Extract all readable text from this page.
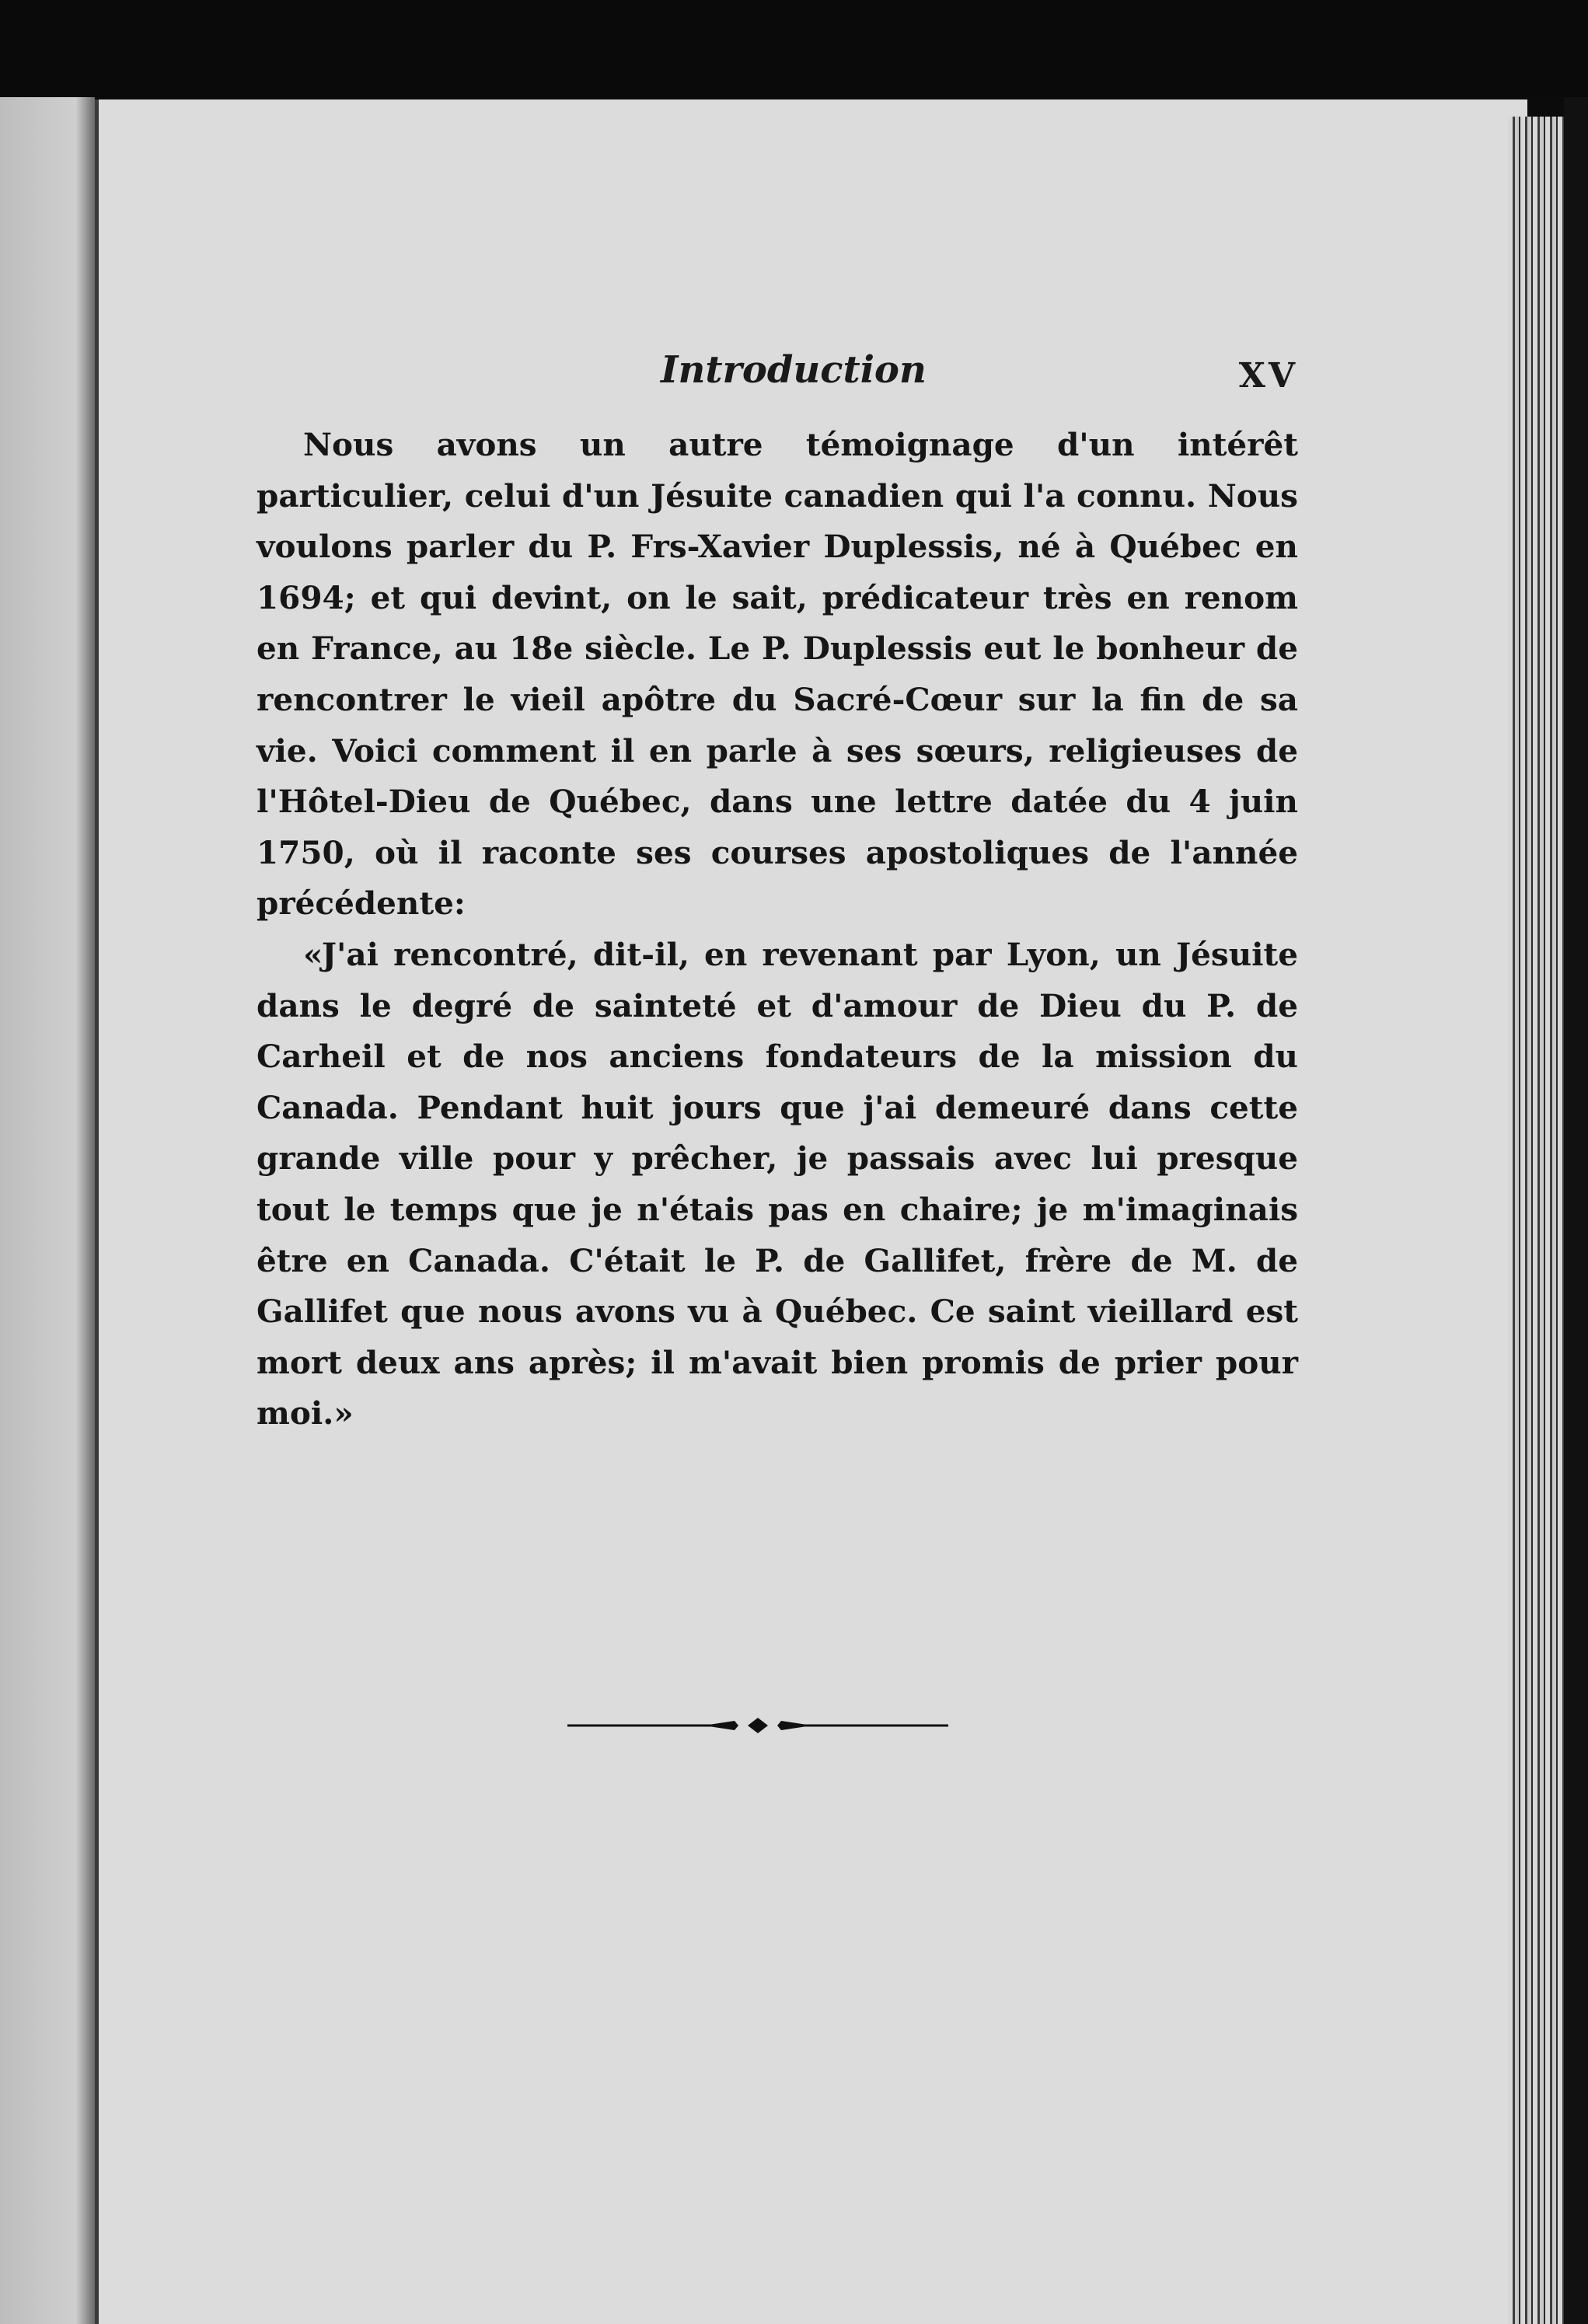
Introduction	XV

Nous avons un autre témoignage d'un intérêt particulier, celui d'un Jésuite canadien qui l'a connu. Nous voulons parler du P. Frs-Xavier Duplessis, né à Québec en 1694; et qui devint, on le sait, prédicateur très en renom en France, au 18e siècle. Le P. Duplessis eut le bonheur de rencontrer le vieil apôtre du Sacré-Cœur sur la fin de sa vie. Voici comment il en parle à ses sœurs, religieuses de l'Hôtel-Dieu de Québec, dans une lettre datée du 4 juin 1750, où il raconte ses courses apostoliques de l'année précédente:

«J'ai rencontré, dit-il, en revenant par Lyon, un Jésuite dans le degré de sainteté et d'amour de Dieu du P. de Carheil et de nos anciens fondateurs de la mission du Canada. Pendant huit jours que j'ai demeuré dans cette grande ville pour y prêcher, je passais avec lui presque tout le temps que je n'étais pas en chaire; je m'imaginais être en Canada. C'était le P. de Gallifet, frère de M. de Gallifet que nous avons vu à Québec. Ce saint vieillard est mort deux ans après; il m'avait bien promis de prier pour moi.»
